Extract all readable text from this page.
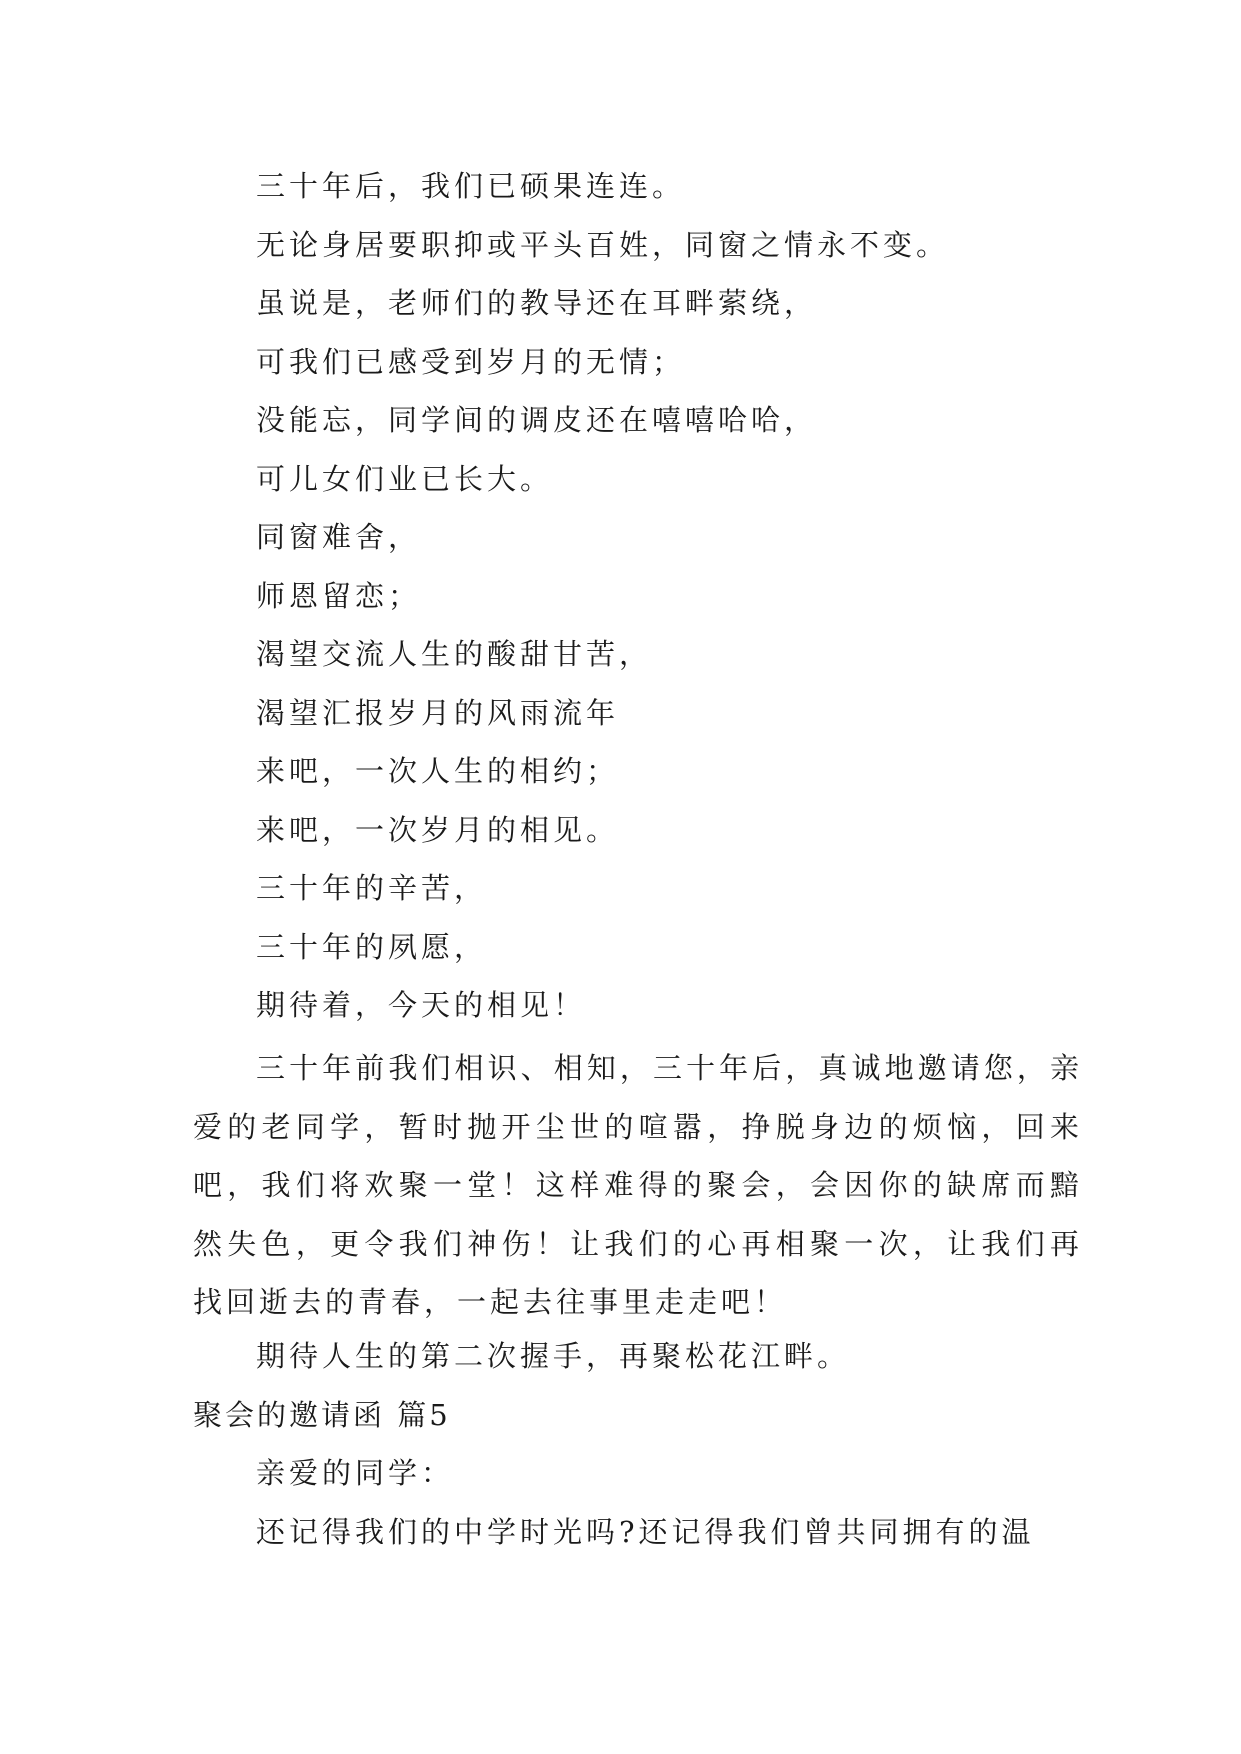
三十年后，我们已硕果连连。
无论身居要职抑或平头百姓，同窗之情永不变。
虽说是，老师们的教导还在耳畔萦绕，
可我们已感受到岁月的无情；
没能忘，同学间的调皮还在嘻嘻哈哈，
可儿女们业已长大。
同窗难舍，
师恩留恋；
渴望交流人生的酸甜甘苦，
渴望汇报岁月的风雨流年
来吧，一次人生的相约；
来吧，一次岁月的相见。
三十年的辛苦，
三十年的夙愿，
期待着，今天的相见！
三十年前我们相识、相知，三十年后，真诚地邀请您，亲爱的老同学，暂时抛开尘世的喧嚣，挣脱身边的烦恼，回来吧，我们将欢聚一堂！这样难得的聚会，会因你的缺席而黯然失色，更令我们神伤！让我们的心再相聚一次，让我们再找回逝去的青春，一起去往事里走走吧！
期待人生的第二次握手，再聚松花江畔。
聚会的邀请函 篇5
亲爱的同学：
还记得我们的中学时光吗?还记得我们曾共同拥有的温
